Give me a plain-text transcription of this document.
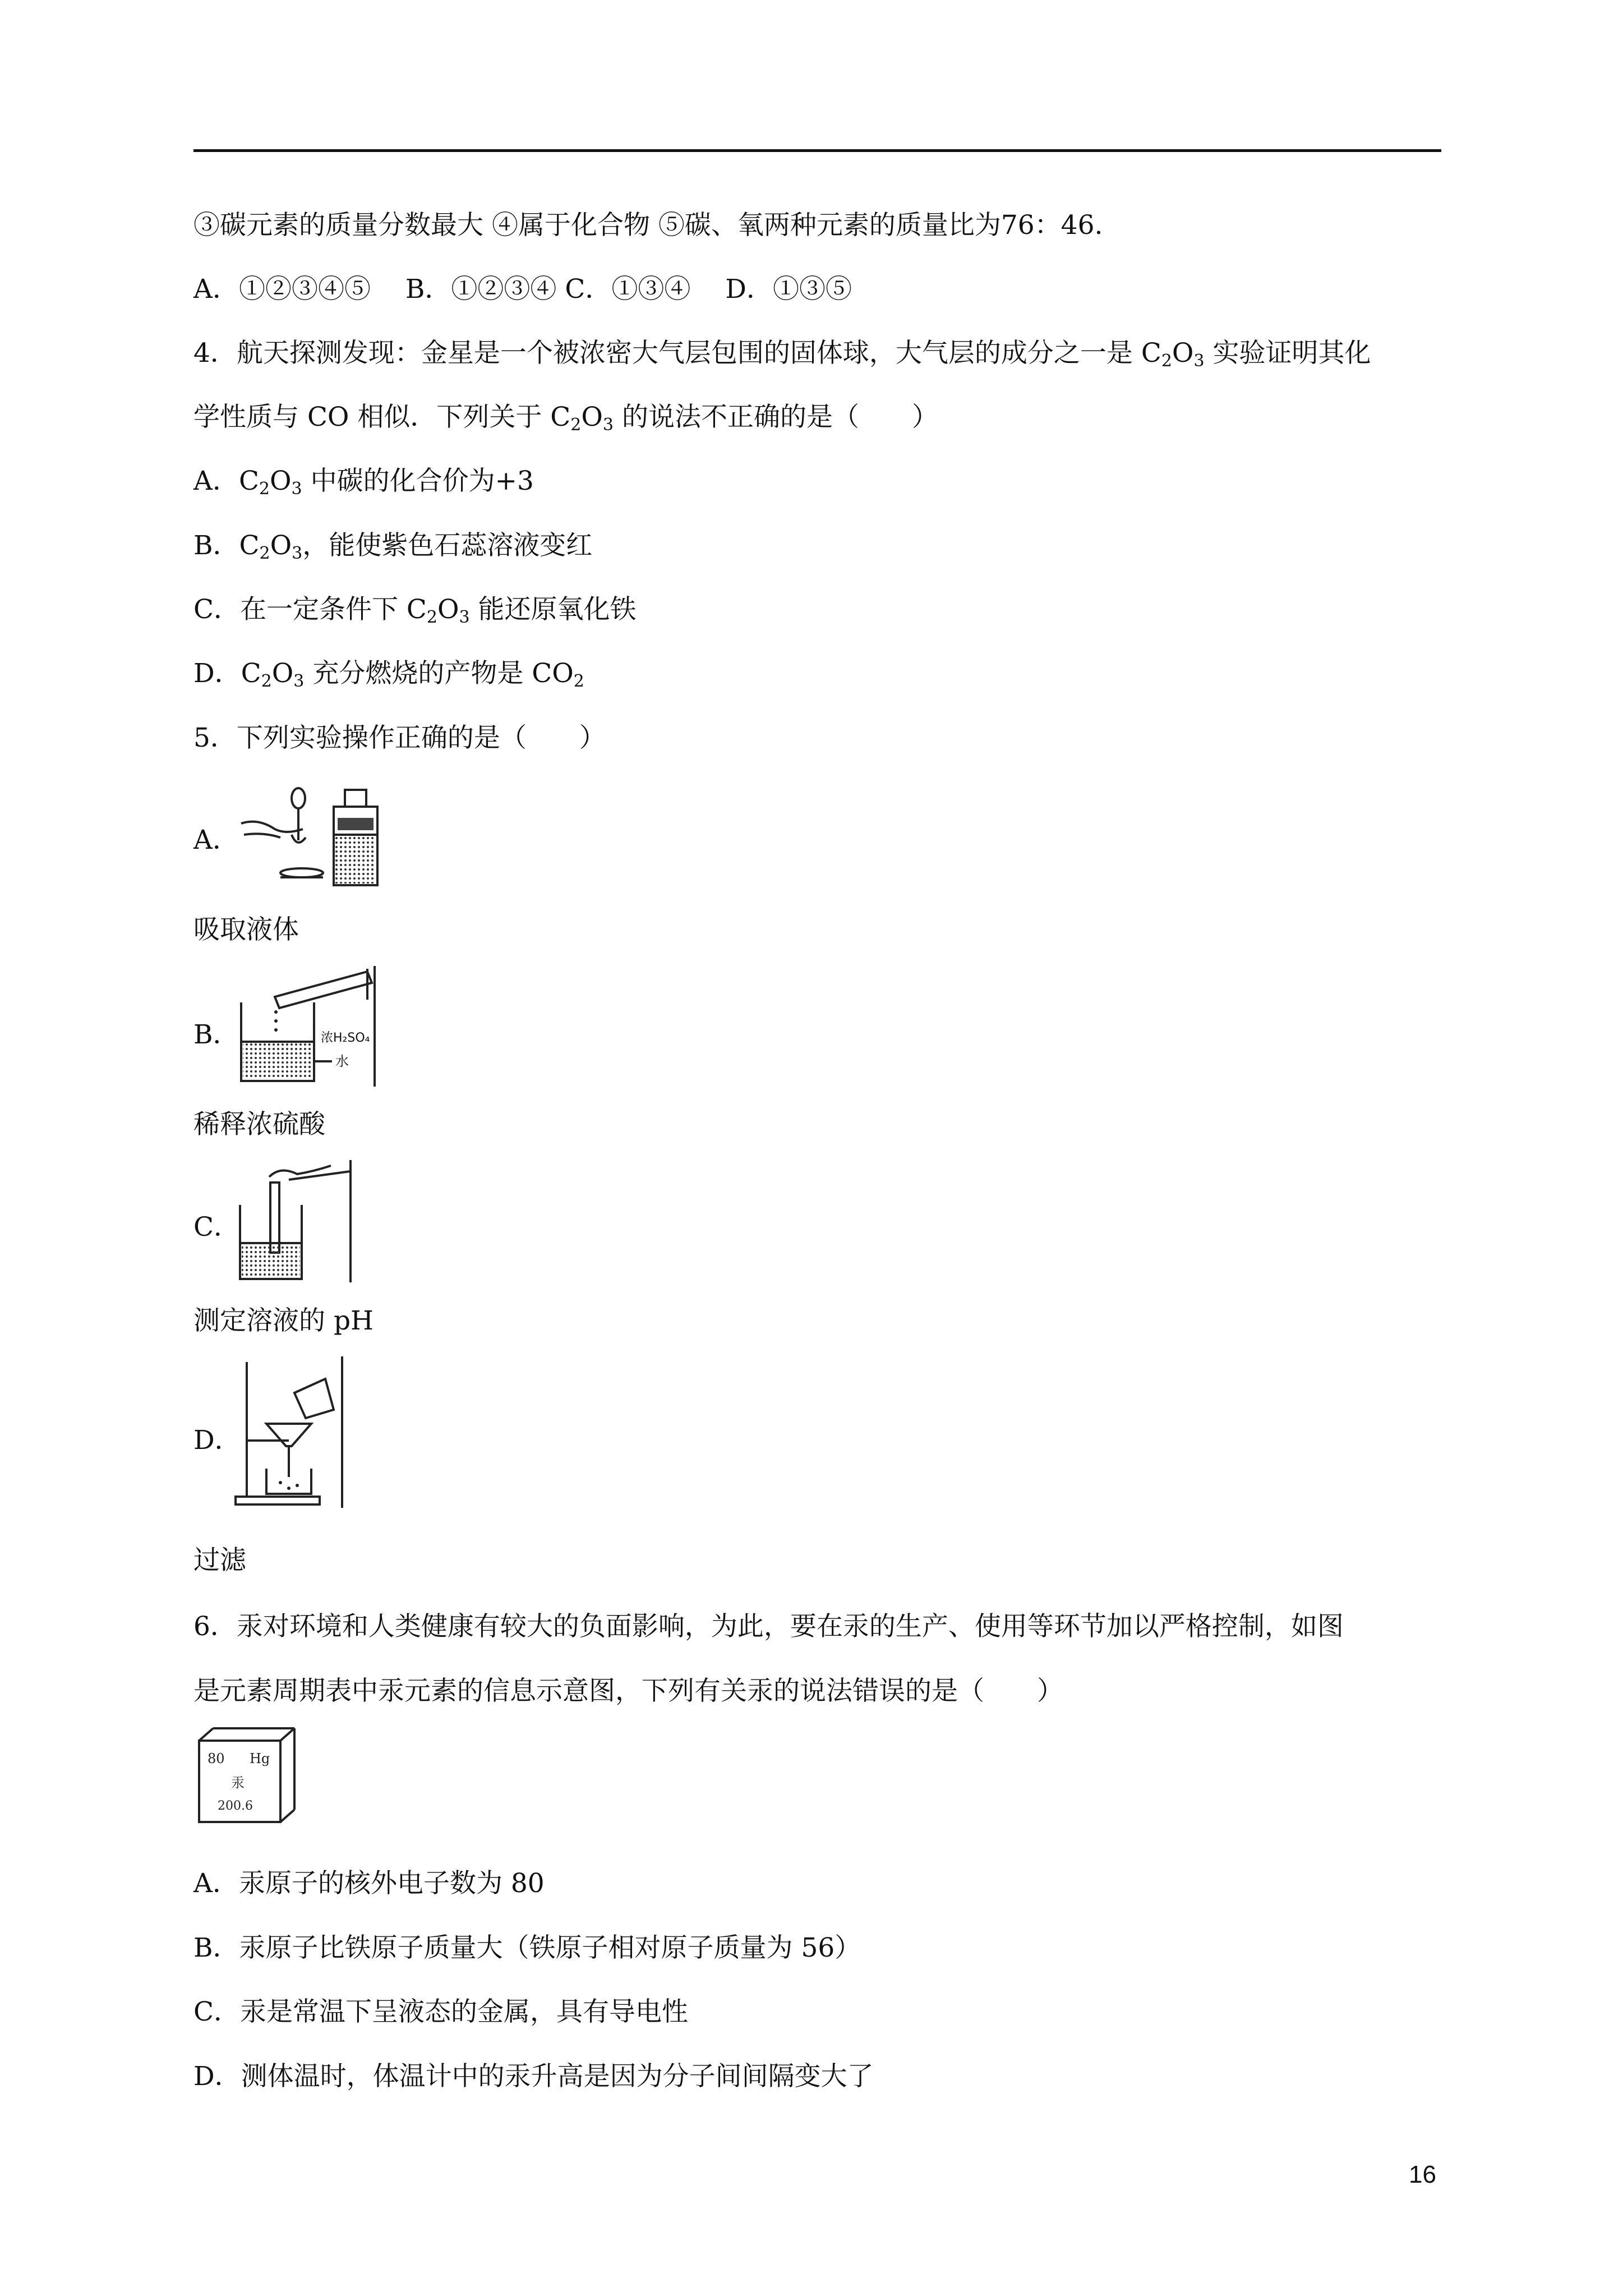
③碳元素的质量分数最大 ④属于化合物 ⑤碳、氧两种元素的质量比为76：46.
A．①②③④⑤　 B．①②③④ C．①③④　 D．①③⑤
4．航天探测发现：金星是一个被浓密大气层包围的固体球，大气层的成分之一是 $C_2O_3$ 实验证明其化
学性质与 CO 相似．下列关于 $C_2O_3$ 的说法不正确的是（　　）
A．$C_2O_3$ 中碳的化合价为+3
B．$C_2O_3$，能使紫色石蕊溶液变红
C．在一定条件下 $C_2O_3$ 能还原氧化铁
D．$C_2O_3$ 充分燃烧的产物是 $CO_2$
5．下列实验操作正确的是（　　）
A．
吸取液体
B．	浓H₂SO₄
水
稀释浓硫酸
C．
测定溶液的 pH
D．
过滤
6．汞对环境和人类健康有较大的负面影响，为此，要在汞的生产、使用等环节加以严格控制，如图
是元素周期表中汞元素的信息示意图，下列有关汞的说法错误的是（　　）
80 Hg
汞
200.6
A．汞原子的核外电子数为 80
B．汞原子比铁原子质量大（铁原子相对原子质量为 56）
C．汞是常温下呈液态的金属，具有导电性
D．测体温时，体温计中的汞升高是因为分子间间隔变大了
16
